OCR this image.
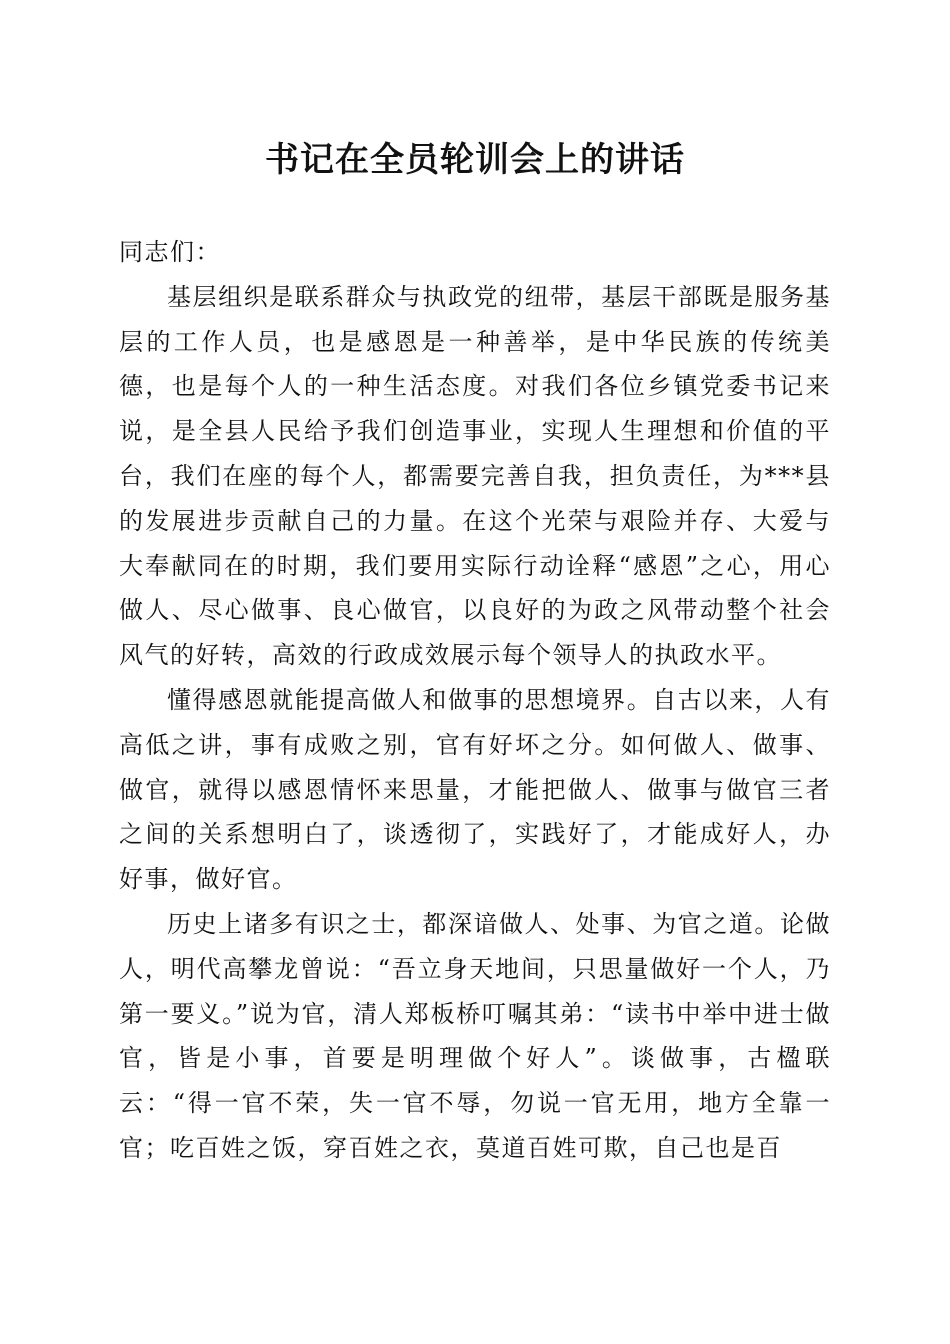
书记在全员轮训会上的讲话

同志们：

基层组织是联系群众与执政党的纽带，基层干部既是服务基层的工作人员，也是感恩是一种善举，是中华民族的传统美德，也是每个人的一种生活态度。对我们各位乡镇党委书记来说，是全县人民给予我们创造事业，实现人生理想和价值的平台，我们在座的每个人，都需要完善自我，担负责任，为***县的发展进步贡献自己的力量。在这个光荣与艰险并存、大爱与大奉献同在的时期，我们要用实际行动诠释“感恩”之心，用心做人、尽心做事、良心做官，以良好的为政之风带动整个社会风气的好转，高效的行政成效展示每个领导人的执政水平。

懂得感恩就能提高做人和做事的思想境界。自古以来，人有高低之讲，事有成败之别，官有好坏之分。如何做人、做事、做官，就得以感恩情怀来思量，才能把做人、做事与做官三者之间的关系想明白了，谈透彻了，实践好了，才能成好人，办好事，做好官。

历史上诸多有识之士，都深谙做人、处事、为官之道。论做人，明代高攀龙曾说：“吾立身天地间，只思量做好一个人，乃第一要义。”说为官，清人郑板桥叮嘱其弟：“读书中举中进士做官，皆是小事，首要是明理做个好人”。谈做事，古楹联云：“得一官不荣，失一官不辱，勿说一官无用，地方全靠一官；吃百姓之饭，穿百姓之衣，莫道百姓可欺，自己也是百
